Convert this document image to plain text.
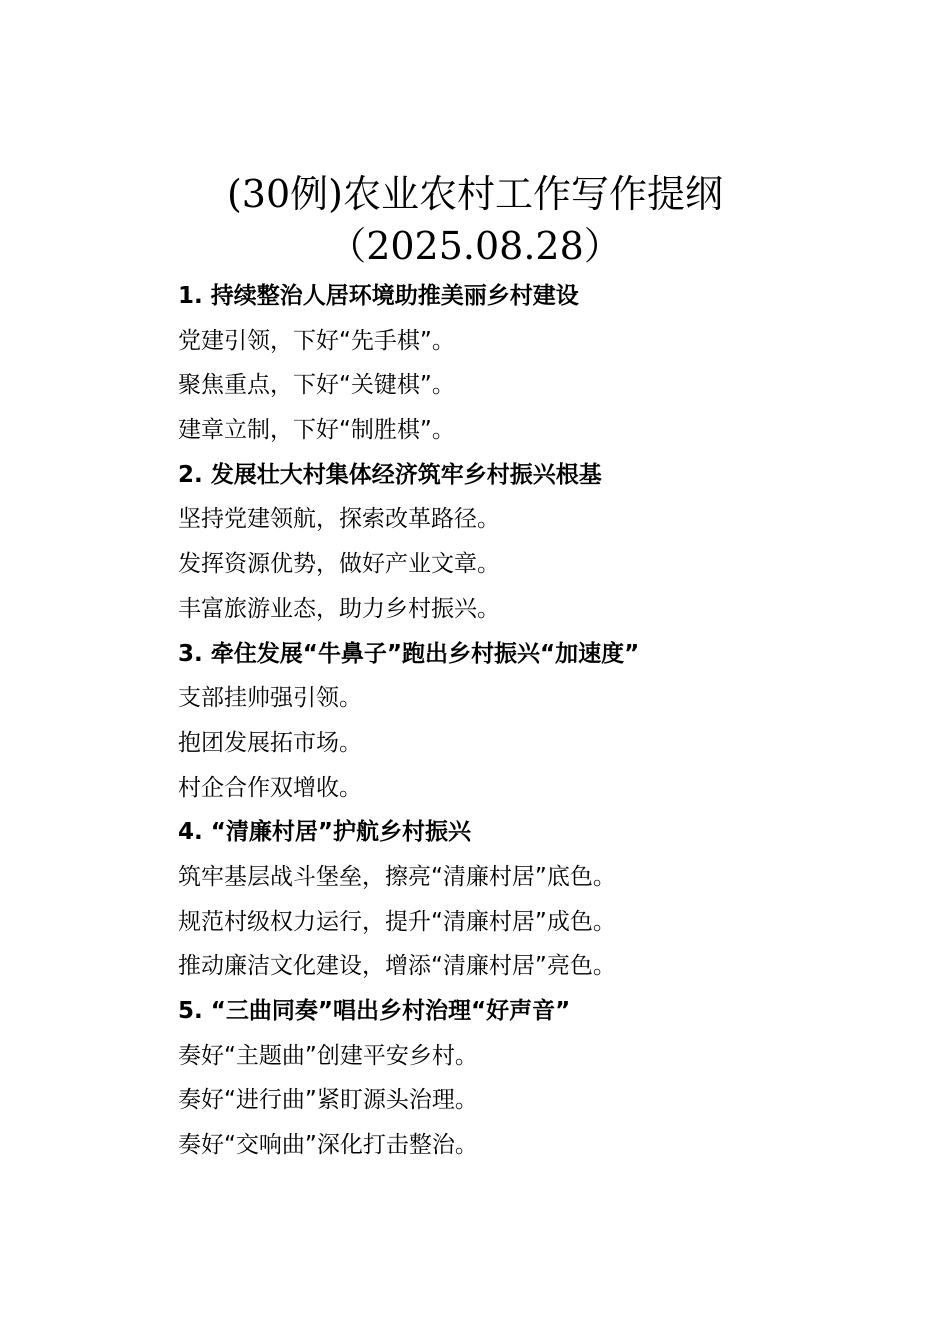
(30例)农业农村工作写作提纲
（2025.08.28）
1. 持续整治人居环境助推美丽乡村建设
党建引领，下好“先手棋”。
聚焦重点，下好“关键棋”。
建章立制，下好“制胜棋”。
2. 发展壮大村集体经济筑牢乡村振兴根基
坚持党建领航，探索改革路径。
发挥资源优势，做好产业文章。
丰富旅游业态，助力乡村振兴。
3. 牵住发展“牛鼻子”跑出乡村振兴“加速度”
支部挂帅强引领。
抱团发展拓市场。
村企合作双增收。
4. “清廉村居”护航乡村振兴
筑牢基层战斗堡垒，擦亮“清廉村居”底色。
规范村级权力运行，提升“清廉村居”成色。
推动廉洁文化建设，增添“清廉村居”亮色。
5. “三曲同奏”唱出乡村治理“好声音”
奏好“主题曲”创建平安乡村。
奏好“进行曲”紧盯源头治理。
奏好“交响曲”深化打击整治。
